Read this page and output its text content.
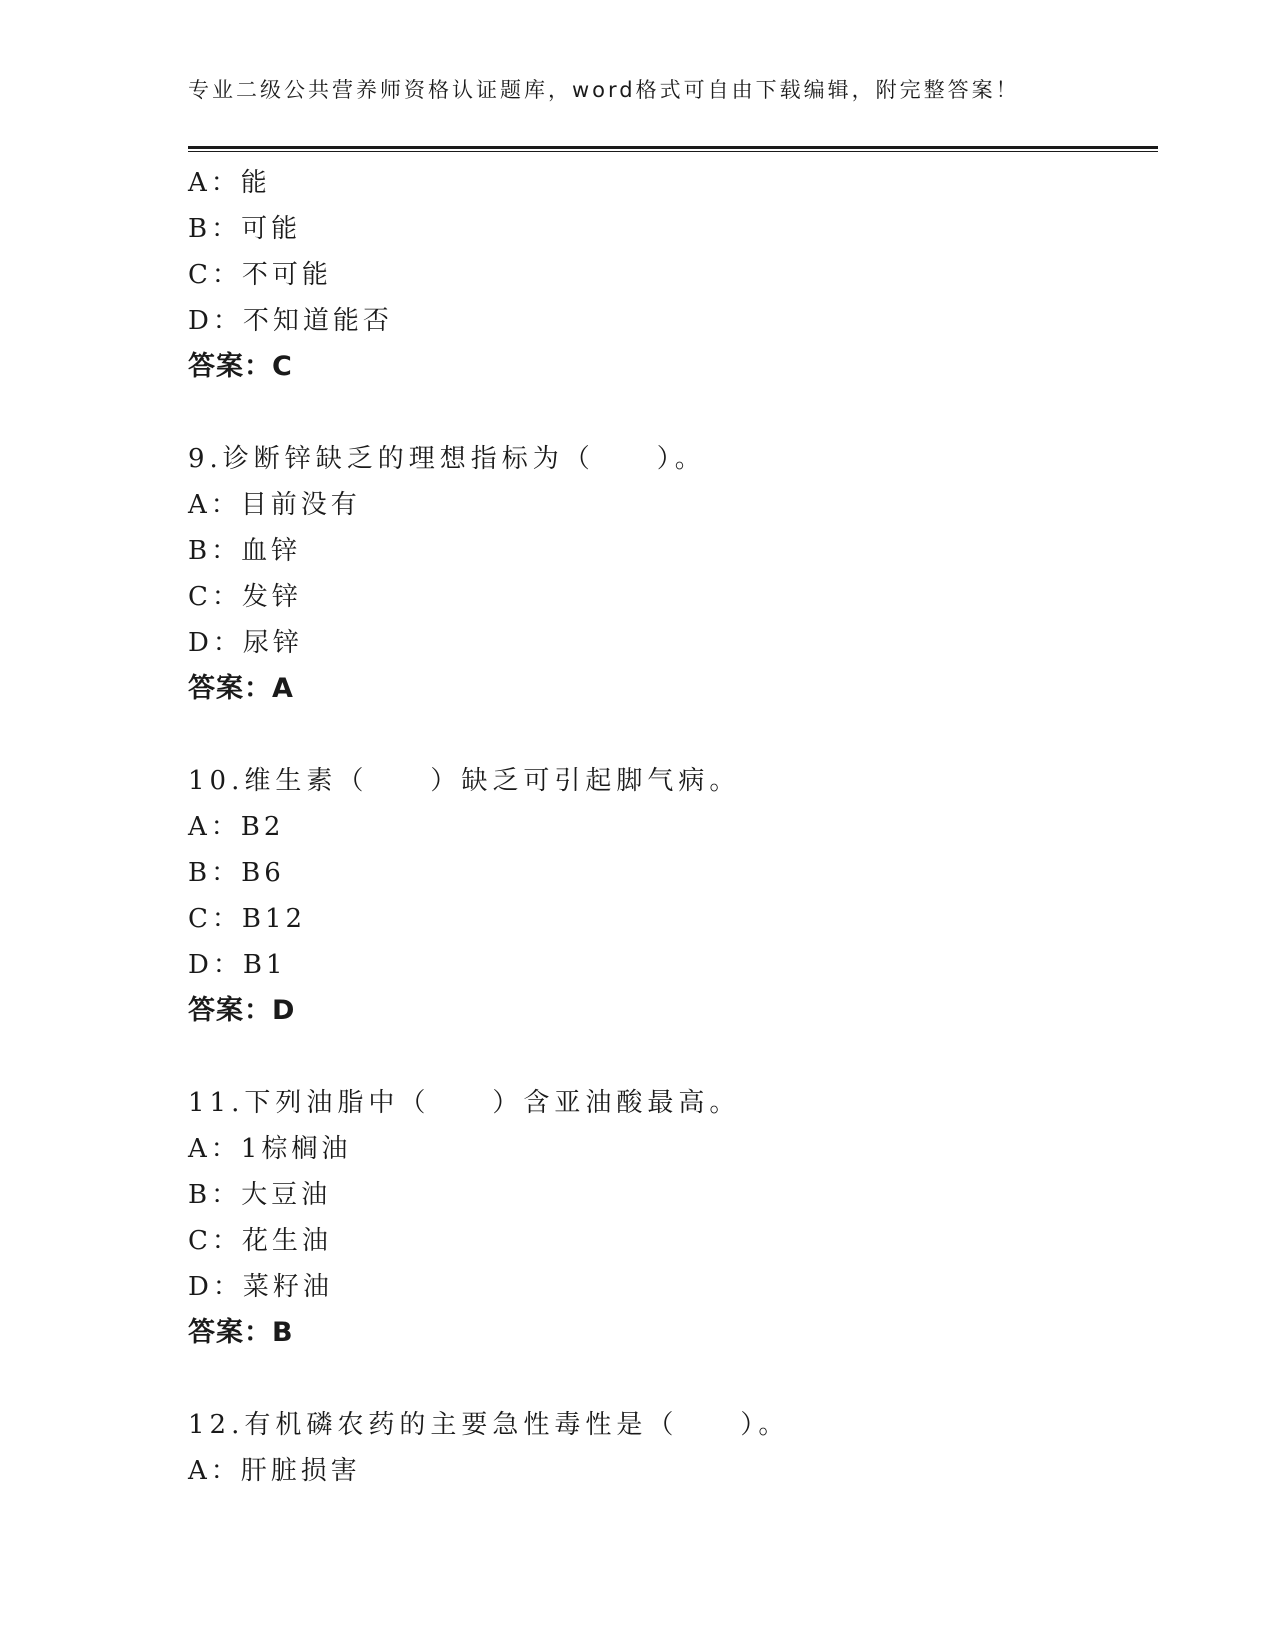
专业二级公共营养师资格认证题库，word格式可自由下载编辑，附完整答案！
A：能
B：可能
C：不可能
D：不知道能否
答案：C
9.诊断锌缺乏的理想指标为（　　）。
A：目前没有
B：血锌
C：发锌
D：尿锌
答案：A
10.维生素（　　）缺乏可引起脚气病。
A：B2
B：B6
C：B12
D：B1
答案：D
11.下列油脂中（　　）含亚油酸最高。
A：1棕榈油
B：大豆油
C：花生油
D：菜籽油
答案：B
12.有机磷农药的主要急性毒性是（　　）。
A：肝脏损害
